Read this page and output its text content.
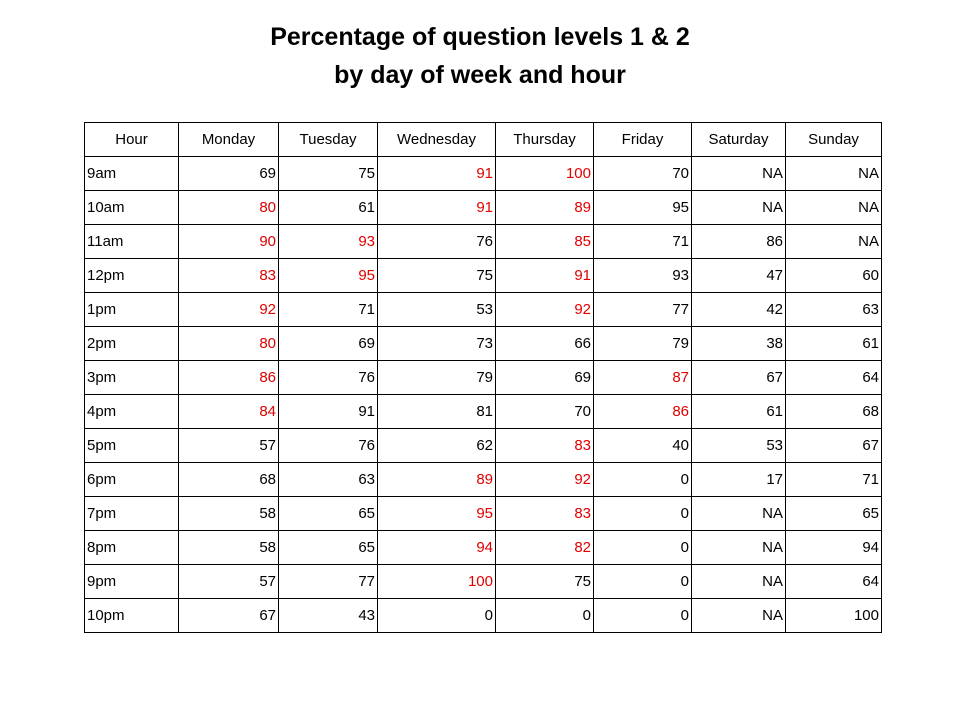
Percentage of question levels 1 & 2
by day of week and hour
Hour	Monday	Tuesday	Wednesday	Thursday	Friday	Saturday	Sunday
9am	69	75	91	100	70	NA	NA
10am	80	61	91	89	95	NA	NA
11am	90	93	76	85	71	86	NA
12pm	83	95	75	91	93	47	60
1pm	92	71	53	92	77	42	63
2pm	80	69	73	66	79	38	61
3pm	86	76	79	69	87	67	64
4pm	84	91	81	70	86	61	68
5pm	57	76	62	83	40	53	67
6pm	68	63	89	92	0	17	71
7pm	58	65	95	83	0	NA	65
8pm	58	65	94	82	0	NA	94
9pm	57	77	100	75	0	NA	64
10pm	67	43	0	0	0	NA	100
